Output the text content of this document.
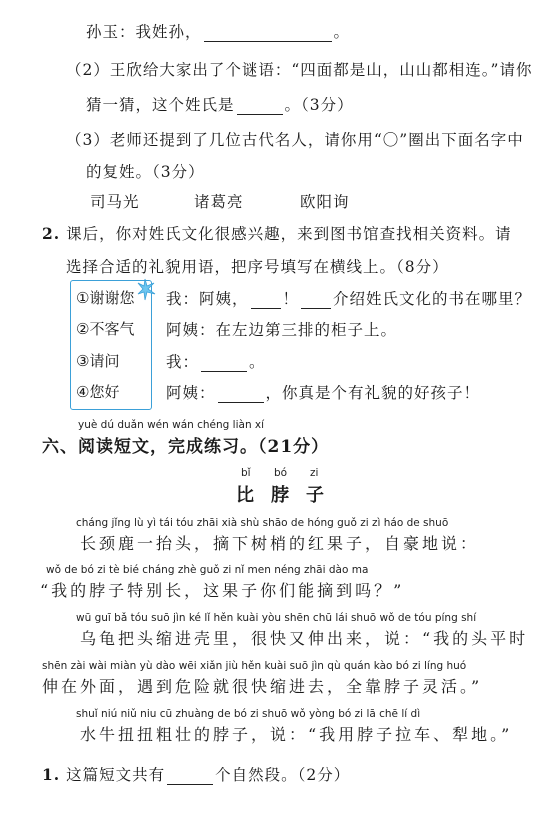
孙玉：我姓孙，	。
（2）王欣给大家出了个谜语：“四面都是山，山山都相连。”请你
猜一猜，这个姓氏是	。（3分）
（3）老师还提到了几位古代名人，请你用“〇”圈出下面名字中
的复姓。（3分）
司马光	诸葛亮	欧阳询
2. 课后，你对姓氏文化很感兴趣，来到图书馆查找相关资料。请
选择合适的礼貌用语，把序号填写在横线上。（8分）
①谢谢您
②不客气
③请问
④您好
我：阿姨， ！ 介绍姓氏文化的书在哪里？
阿姨：在左边第三排的柜子上。
我：	。
阿姨：	，你真是个有礼貌的好孩子！
yuè dú duǎn wén wán chéng liàn xí
六、阅读短文，完成练习。（21分）
bǐ bó zi
比 脖 子
cháng jǐng lù yì tái tóu zhāi xià shù shāo de hóng guǒ zi zì háo de shuō
长颈鹿一抬头，摘下树梢的红果子，自豪地说：
wǒ de bó zi tè bié cháng zhè guǒ zi nǐ men néng zhāi dào ma
“我的脖子特别长，这果子你们能摘到吗？”
wū guī bǎ tóu suō jìn ké lǐ hěn kuài yòu shēn chū lái shuō wǒ de tóu píng shí
乌龟把头缩进壳里，很快又伸出来，说：“我的头平时
shēn zài wài miàn yù dào wēi xiǎn jiù hěn kuài suō jìn qù quán kào bó zi líng huó
伸在外面，遇到危险就很快缩进去，全靠脖子灵活。”
shuǐ niú niǔ niu cū zhuàng de bó zi shuō wǒ yòng bó zi lā chē lí dì
水牛扭扭粗壮的脖子，说：“我用脖子拉车、犁地。”
1. 这篇短文共有	个自然段。（2分）
